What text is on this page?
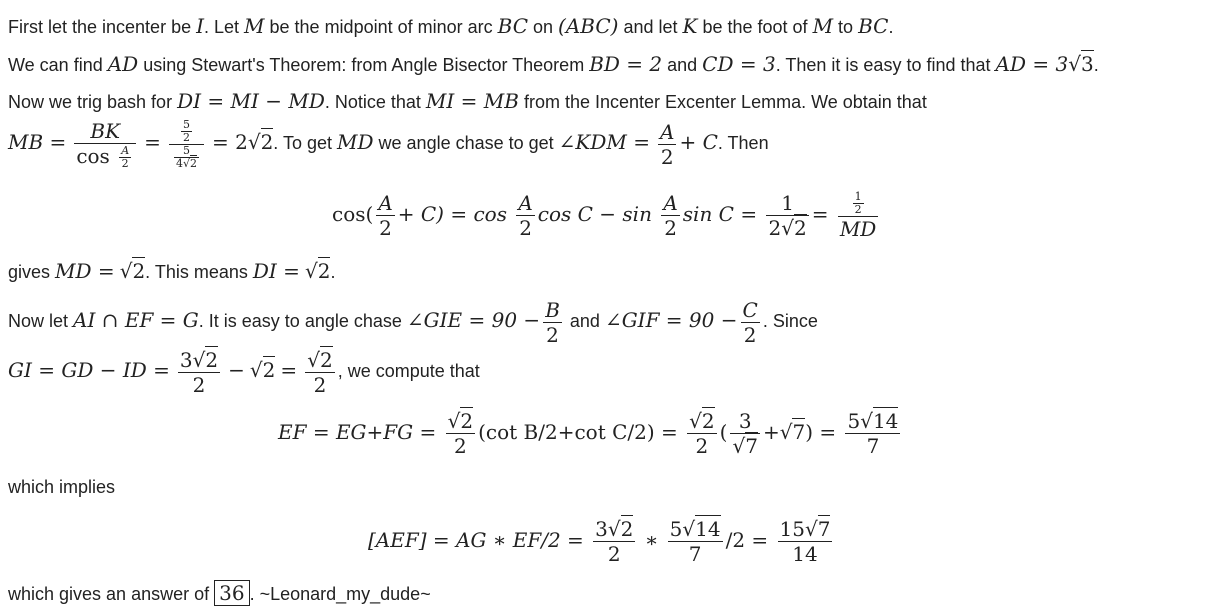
First let the incenter be I. Let M be the midpoint of minor arc BC on (ABC) and let K be the foot of M to BC.
We can find AD using Stewart's Theorem: from Angle Bisector Theorem BD = 2 and CD = 3. Then it is easy to find that AD = 3√ 3.
Now we trig bash for DI = MI − MD. Notice that MI = MB from the Incenter Excenter Lemma. We obtain that
MB = $\frac{BK}{\cos \frac{A}{2}} = \frac{\frac{5}{2}}{\frac{5}{4√ 2}} = 2√$ 2. To get MD we angle chase to get ∠KDM = $\frac{A}{2} + C$. Then
$\cos( \frac{A}{2} + C) = \cos \frac{A}{2}$ $\cos C - \sin \frac{A}{2}$ $\sin C = \frac{1}{2√ 2} = \frac{\frac{1}{2}}{MD}$
gives MD = √ 2. This means DI = √ 2.
Now let AI ∩ EF = G. It is easy to angle chase ∠GIE = $90 - \frac{B}{2}$ and ∠GIF = $90 - \frac{C}{2}$ . Since
GI = GD − ID = $\frac{3√ 2}{2}$ − √ 2 =
√ $\frac{2}{2}$ , we compute that
EF = EG+FG =
√ $\frac{2}{2} (\cot$ B/2+cot C/2) =
√ $\frac{2}{2}$ ( 3
√ 7 +√ $7) = \frac{5√ 14}{7}$
which implies
[AEF] = AG ∗ $EF/2 = \frac{3√ 2}{2}$ ∗ $\frac{5√ 14}{7} /2 = \frac{15√ 7}{14}$
which gives an answer of 36 . ~Leonard_my_dude~
